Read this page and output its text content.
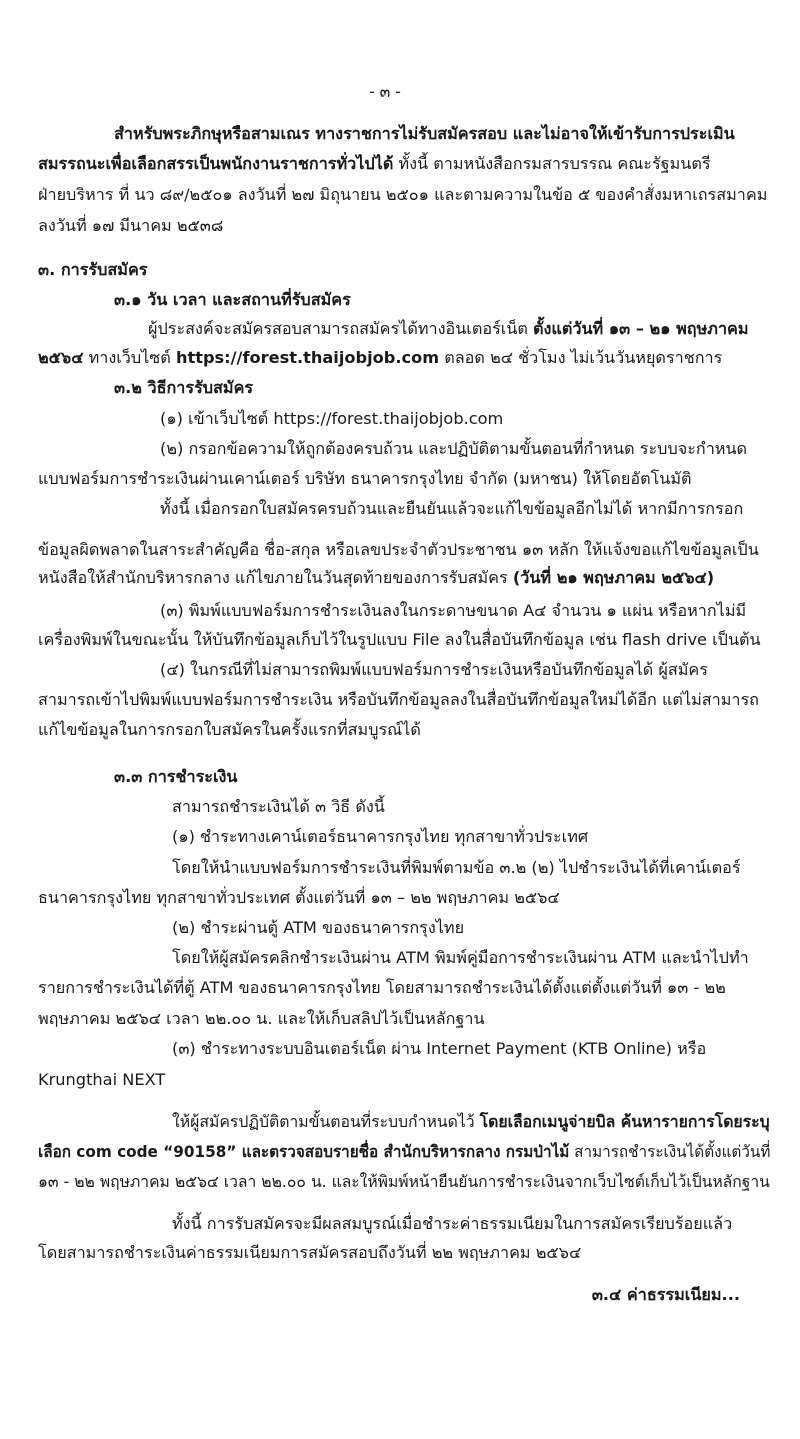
- ๓ -
สำหรับพระภิกษุหรือสามเณร ทางราชการไม่รับสมัครสอบ และไม่อาจให้เข้ารับการประเมิน
สมรรถนะเพื่อเลือกสรรเป็นพนักงานราชการทั่วไปได้ ทั้งนี้ ตามหนังสือกรมสารบรรณ คณะรัฐมนตรี
ฝ่ายบริหาร ที่ นว ๘๙/๒๕๐๑ ลงวันที่ ๒๗ มิถุนายน ๒๕๐๑ และตามความในข้อ ๕ ของคำสั่งมหาเถรสมาคม
ลงวันที่ ๑๗ มีนาคม ๒๕๓๘
๓. การรับสมัคร
๓.๑ วัน เวลา และสถานที่รับสมัคร
ผู้ประสงค์จะสมัครสอบสามารถสมัครได้ทางอินเตอร์เน็ต ตั้งแต่วันที่ ๑๓ – ๒๑ พฤษภาคม
๒๕๖๔ ทางเว็บไซต์ https://forest.thaijobjob.com ตลอด ๒๔ ชั่วโมง ไม่เว้นวันหยุดราชการ
๓.๒ วิธีการรับสมัคร
(๑) เข้าเว็บไซต์ https://forest.thaijobjob.com
(๒) กรอกข้อความให้ถูกต้องครบถ้วน และปฏิบัติตามขั้นตอนที่กำหนด ระบบจะกำหนด
แบบฟอร์มการชำระเงินผ่านเคาน์เตอร์ บริษัท ธนาคารกรุงไทย จำกัด (มหาชน) ให้โดยอัตโนมัติ
ทั้งนี้ เมื่อกรอกใบสมัครครบถ้วนและยืนยันแล้วจะแก้ไขข้อมูลอีกไม่ได้ หากมีการกรอก
ข้อมูลผิดพลาดในสาระสำคัญคือ ชื่อ-สกุล หรือเลขประจำตัวประชาชน ๑๓ หลัก ให้แจ้งขอแก้ไขข้อมูลเป็น
หนังสือให้สำนักบริหารกลาง แก้ไขภายในวันสุดท้ายของการรับสมัคร (วันที่ ๒๑ พฤษภาคม ๒๕๖๔)
(๓) พิมพ์แบบฟอร์มการชำระเงินลงในกระดาษขนาด A๔ จำนวน ๑ แผ่น หรือหากไม่มี
เครื่องพิมพ์ในขณะนั้น ให้บันทึกข้อมูลเก็บไว้ในรูปแบบ File ลงในสื่อบันทึกข้อมูล เช่น flash drive เป็นต้น
(๔) ในกรณีที่ไม่สามารถพิมพ์แบบฟอร์มการชำระเงินหรือบันทึกข้อมูลได้ ผู้สมัคร
สามารถเข้าไปพิมพ์แบบฟอร์มการชำระเงิน หรือบันทึกข้อมูลลงในสื่อบันทึกข้อมูลใหม่ได้อีก แต่ไม่สามารถ
แก้ไขข้อมูลในการกรอกใบสมัครในครั้งแรกที่สมบูรณ์ได้
๓.๓ การชำระเงิน
สามารถชำระเงินได้ ๓ วิธี ดังนี้
(๑) ชำระทางเคาน์เตอร์ธนาคารกรุงไทย ทุกสาขาทั่วประเทศ
โดยให้นำแบบฟอร์มการชำระเงินที่พิมพ์ตามข้อ ๓.๒ (๒) ไปชำระเงินได้ที่เคาน์เตอร์
ธนาคารกรุงไทย ทุกสาขาทั่วประเทศ ตั้งแต่วันที่ ๑๓ – ๒๒ พฤษภาคม ๒๕๖๔
(๒) ชำระผ่านตู้ ATM ของธนาคารกรุงไทย
โดยให้ผู้สมัครคลิกชำระเงินผ่าน ATM พิมพ์คู่มือการชำระเงินผ่าน ATM และนำไปทำ
รายการชำระเงินได้ที่ตู้ ATM ของธนาคารกรุงไทย โดยสามารถชำระเงินได้ตั้งแต่ตั้งแต่วันที่ ๑๓ - ๒๒
พฤษภาคม ๒๕๖๔ เวลา ๒๒.๐๐ น. และให้เก็บสลิปไว้เป็นหลักฐาน
(๓) ชำระทางระบบอินเตอร์เน็ต ผ่าน Internet Payment (KTB Online) หรือ
Krungthai NEXT
ให้ผู้สมัครปฏิบัติตามขั้นตอนที่ระบบกำหนดไว้ โดยเลือกเมนูจ่ายบิล ค้นหารายการโดยระบุ
เลือก com code “90158” และตรวจสอบรายชื่อ สำนักบริหารกลาง กรมป่าไม้ สามารถชำระเงินได้ตั้งแต่วันที่
๑๓ - ๒๒ พฤษภาคม ๒๕๖๔ เวลา ๒๒.๐๐ น. และให้พิมพ์หน้ายืนยันการชำระเงินจากเว็บไซต์เก็บไว้เป็นหลักฐาน
ทั้งนี้ การรับสมัครจะมีผลสมบูรณ์เมื่อชำระค่าธรรมเนียมในการสมัครเรียบร้อยแล้ว
โดยสามารถชำระเงินค่าธรรมเนียมการสมัครสอบถึงวันที่ ๒๒ พฤษภาคม ๒๕๖๔
๓.๔ ค่าธรรมเนียม...
